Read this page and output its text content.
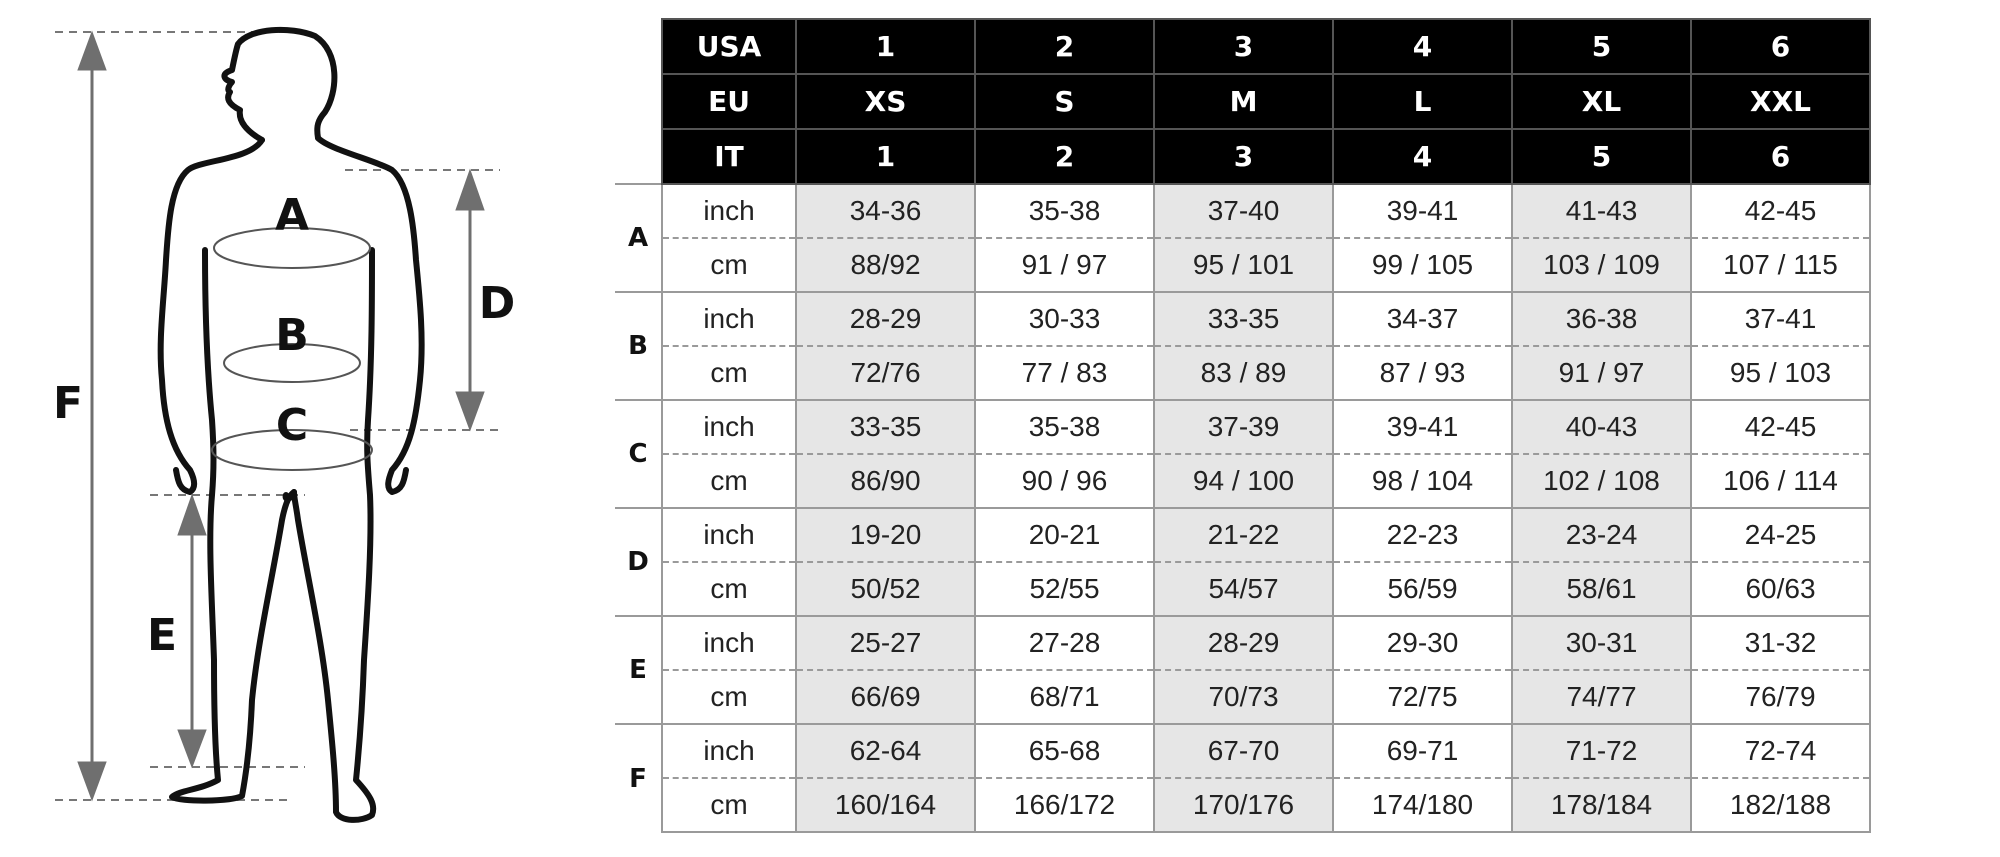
A
B
C
D
E
F
	USA	1	2	3	4	5	6
	EU	XS	S	M	L	XL	XXL
	IT	1	2	3	4	5	6
A	inch	34-36	35-38	37-40	39-41	41-43	42-45
	cm	88/92	91 / 97	95 / 101	99 / 105	103 / 109	107 / 115
B	inch	28-29	30-33	33-35	34-37	36-38	37-41
	cm	72/76	77 / 83	83 / 89	87 / 93	91 / 97	95 / 103
C	inch	33-35	35-38	37-39	39-41	40-43	42-45
	cm	86/90	90 / 96	94 / 100	98 / 104	102 / 108	106 / 114
D	inch	19-20	20-21	21-22	22-23	23-24	24-25
	cm	50/52	52/55	54/57	56/59	58/61	60/63
E	inch	25-27	27-28	28-29	29-30	30-31	31-32
	cm	66/69	68/71	70/73	72/75	74/77	76/79
F	inch	62-64	65-68	67-70	69-71	71-72	72-74
	cm	160/164	166/172	170/176	174/180	178/184	182/188
